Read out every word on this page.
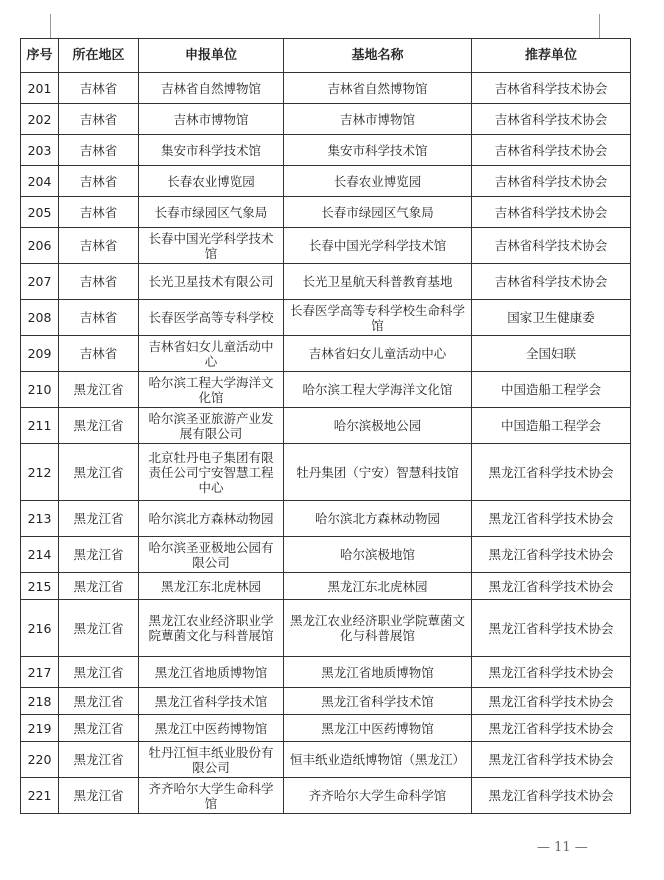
序号	所在地区	申报单位	基地名称	推荐单位
201	吉林省	吉林省自然博物馆	吉林省自然博物馆	吉林省科学技术协会
202	吉林省	吉林市博物馆	吉林市博物馆	吉林省科学技术协会
203	吉林省	集安市科学技术馆	集安市科学技术馆	吉林省科学技术协会
204	吉林省	长春农业博览园	长春农业博览园	吉林省科学技术协会
205	吉林省	长春市绿园区气象局	长春市绿园区气象局	吉林省科学技术协会
206	吉林省	长春中国光学科学技术馆	长春中国光学科学技术馆	吉林省科学技术协会
207	吉林省	长光卫星技术有限公司	长光卫星航天科普教育基地	吉林省科学技术协会
208	吉林省	长春医学高等专科学校	长春医学高等专科学校生命科学馆	国家卫生健康委
209	吉林省	吉林省妇女儿童活动中心	吉林省妇女儿童活动中心	全国妇联
210	黑龙江省	哈尔滨工程大学海洋文化馆	哈尔滨工程大学海洋文化馆	中国造船工程学会
211	黑龙江省	哈尔滨圣亚旅游产业发展有限公司	哈尔滨极地公园	中国造船工程学会
212	黑龙江省	北京牡丹电子集团有限责任公司宁安智慧工程中心	牡丹集团（宁安）智慧科技馆	黑龙江省科学技术协会
213	黑龙江省	哈尔滨北方森林动物园	哈尔滨北方森林动物园	黑龙江省科学技术协会
214	黑龙江省	哈尔滨圣亚极地公园有限公司	哈尔滨极地馆	黑龙江省科学技术协会
215	黑龙江省	黑龙江东北虎林园	黑龙江东北虎林园	黑龙江省科学技术协会
216	黑龙江省	黑龙江农业经济职业学院蕈菌文化与科普展馆	黑龙江农业经济职业学院蕈菌文化与科普展馆	黑龙江省科学技术协会
217	黑龙江省	黑龙江省地质博物馆	黑龙江省地质博物馆	黑龙江省科学技术协会
218	黑龙江省	黑龙江省科学技术馆	黑龙江省科学技术馆	黑龙江省科学技术协会
219	黑龙江省	黑龙江中医药博物馆	黑龙江中医药博物馆	黑龙江省科学技术协会
220	黑龙江省	牡丹江恒丰纸业股份有限公司	恒丰纸业造纸博物馆（黑龙江）	黑龙江省科学技术协会
221	黑龙江省	齐齐哈尔大学生命科学馆	齐齐哈尔大学生命科学馆	黑龙江省科学技术协会
— 11 —
